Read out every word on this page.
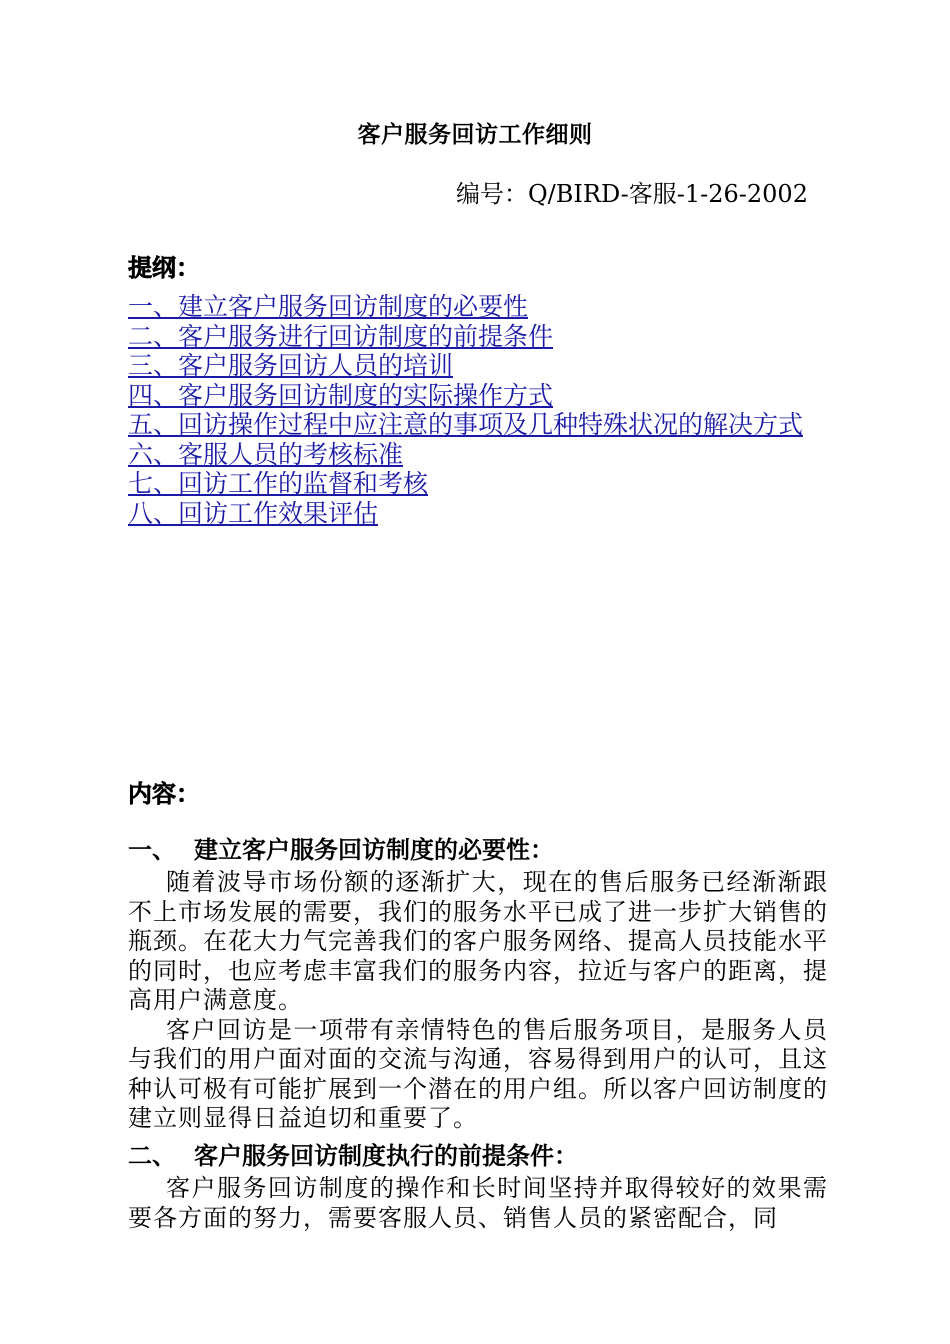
客户服务回访工作细则
编号：Q/BIRD-客服-1-26-2002
提纲：
一、建立客户服务回访制度的必要性
二、客户服务进行回访制度的前提条件
三、客户服务回访人员的培训
四、客户服务回访制度的实际操作方式
五、回访操作过程中应注意的事项及几种特殊状况的解决方式
六、客服人员的考核标准
七、回访工作的监督和考核
八、回访工作效果评估
内容：
一、 建立客户服务回访制度的必要性：

随着波导市场份额的逐渐扩大，现在的售后服务已经渐渐跟不上市场发展的需要，我们的服务水平已成了进一步扩大销售的瓶颈。在花大力气完善我们的客户服务网络、提高人员技能水平的同时，也应考虑丰富我们的服务内容，拉近与客户的距离，提高用户满意度。

客户回访是一项带有亲情特色的售后服务项目，是服务人员与我们的用户面对面的交流与沟通，容易得到用户的认可，且这种认可极有可能扩展到一个潜在的用户组。所以客户回访制度的建立则显得日益迫切和重要了。

二、 客户服务回访制度执行的前提条件：

客户服务回访制度的操作和长时间坚持并取得较好的效果需要各方面的努力，需要客服人员、销售人员的紧密配合，同
